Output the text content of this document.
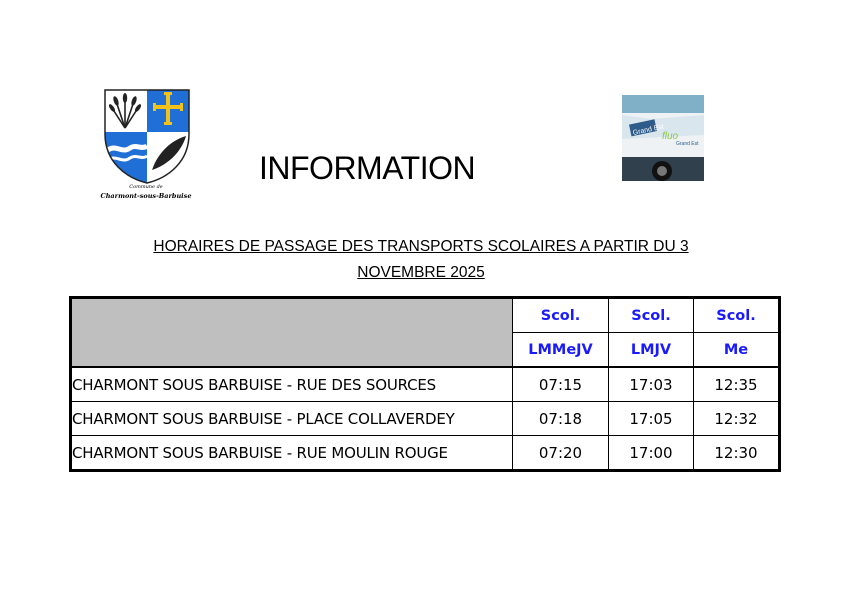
Commune de
Charmont-sous-Barbuise
Grand Est
fluo
Grand Est
INFORMATION
HORAIRES DE PASSAGE DES TRANSPORTS SCOLAIRES A PARTIR DU 3
NOVEMBRE 2025
	Scol.	Scol.	Scol.
	LMMeJV	LMJV	Me
CHARMONT SOUS BARBUISE - RUE DES SOURCES	07:15	17:03	12:35
CHARMONT SOUS BARBUISE - PLACE COLLAVERDEY	07:18	17:05	12:32
CHARMONT SOUS BARBUISE - RUE MOULIN ROUGE	07:20	17:00	12:30
